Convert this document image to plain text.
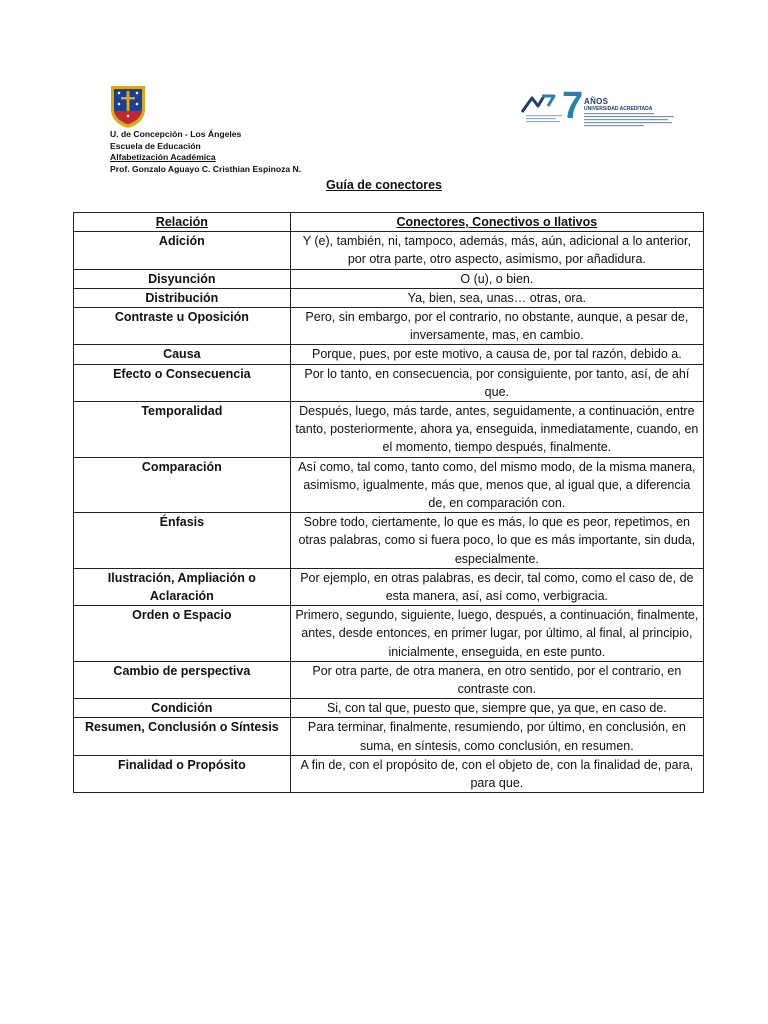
U. de Concepción - Los Ángeles
Escuela de Educación
Alfabetización Académica
Prof. Gonzalo Aguayo C. Cristhian Espinoza N.
7 AÑOS
UNIVERSIDAD ACREDITADA
Guía de conectores
Relación	Conectores, Conectivos o Ilativos
Adición	Y (e), también, ni, tampoco, además, más, aún, adicional a lo anterior, por otra parte, otro aspecto, asimismo, por añadidura.
Disyunción	O (u), o bien.
Distribución	Ya, bien, sea, unas… otras, ora.
Contraste u Oposición	Pero, sin embargo, por el contrario, no obstante, aunque, a pesar de, inversamente, mas, en cambio.
Causa	Porque, pues, por este motivo, a causa de, por tal razón, debido a.
Efecto o Consecuencia	Por lo tanto, en consecuencia, por consiguiente, por tanto, así, de ahí que.
Temporalidad	Después, luego, más tarde, antes, seguidamente, a continuación, entre tanto, posteriormente, ahora ya, enseguida, inmediatamente, cuando, en el momento, tiempo después, finalmente.
Comparación	Así como, tal como, tanto como, del mismo modo, de la misma manera, asimismo, igualmente, más que, menos que, al igual que, a diferencia de, en comparación con.
Énfasis	Sobre todo, ciertamente, lo que es más, lo que es peor, repetimos, en otras palabras, como si fuera poco, lo que es más importante, sin duda, especialmente.
Ilustración, Ampliación o Aclaración	Por ejemplo, en otras palabras, es decir, tal como, como el caso de, de esta manera, así, así como, verbigracia.
Orden o Espacio	Primero, segundo, siguiente, luego, después, a continuación, finalmente, antes, desde entonces, en primer lugar, por último, al final, al principio, inicialmente, enseguida, en este punto.
Cambio de perspectiva	Por otra parte, de otra manera, en otro sentido, por el contrario, en contraste con.
Condición	Si, con tal que, puesto que, siempre que, ya que, en caso de.
Resumen, Conclusión o Síntesis	Para terminar, finalmente, resumiendo, por último, en conclusión, en suma, en síntesis, como conclusión, en resumen.
Finalidad o Propósito	A fin de, con el propósito de, con el objeto de, con la finalidad de, para, para que.
